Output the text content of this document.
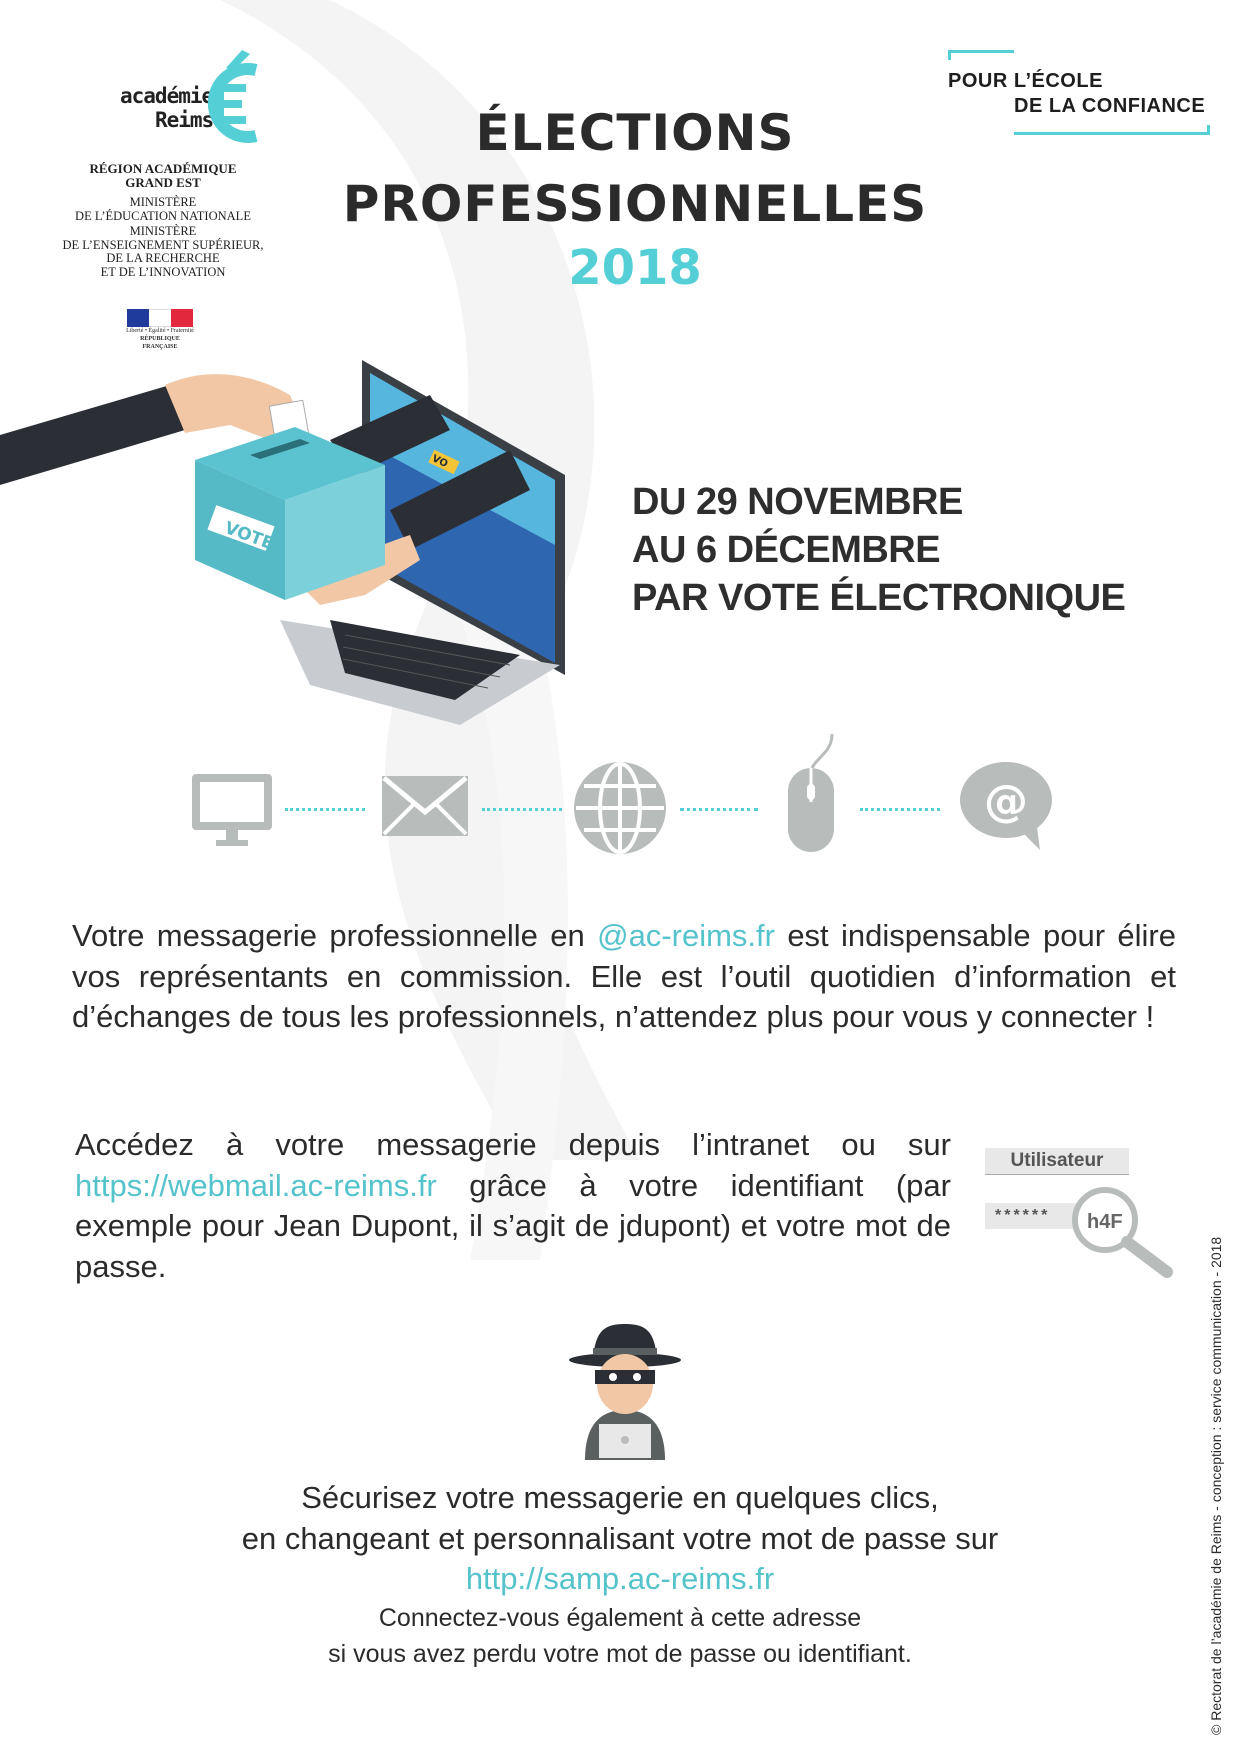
académie
Reims
RÉGION ACADÉMIQUE
GRAND EST
MINISTÈRE
DE L’ÉDUCATION NATIONALE
MINISTÈRE
DE L’ENSEIGNEMENT SUPÉRIEUR,
DE LA RECHERCHE
ET DE L’INNOVATION
Liberté • Égalité • Fraternité
RÉPUBLIQUE FRANÇAISE
POUR L’ÉCOLE
DE LA CONFIANCE
ÉLECTIONS
PROFESSIONNELLES
2018
VOTE
VO
DU 29 NOVEMBRE
AU 6 DÉCEMBRE
PAR VOTE ÉLECTRONIQUE
@
Votre messagerie professionnelle en @ac-reims.fr est indispensable pour élire vos représentants en commission. Elle est l’outil quotidien d’information et d’échanges de tous les professionnels, n’attendez plus pour vous y connecter !
Accédez à votre messagerie depuis l’intranet ou sur https://webmail.ac-reims.fr grâce à votre identifiant (par exemple pour Jean Dupont, il s’agit de jdupont) et votre mot de passe.
Utilisateur
******	h4F
Sécurisez votre messagerie en quelques clics,
en changeant et personnalisant votre mot de passe sur
http://samp.ac-reims.fr
Connectez-vous également à cette adresse
si vous avez perdu votre mot de passe ou identifiant.	© Rectorat de l’académie de Reims - conception : service communication - 2018
